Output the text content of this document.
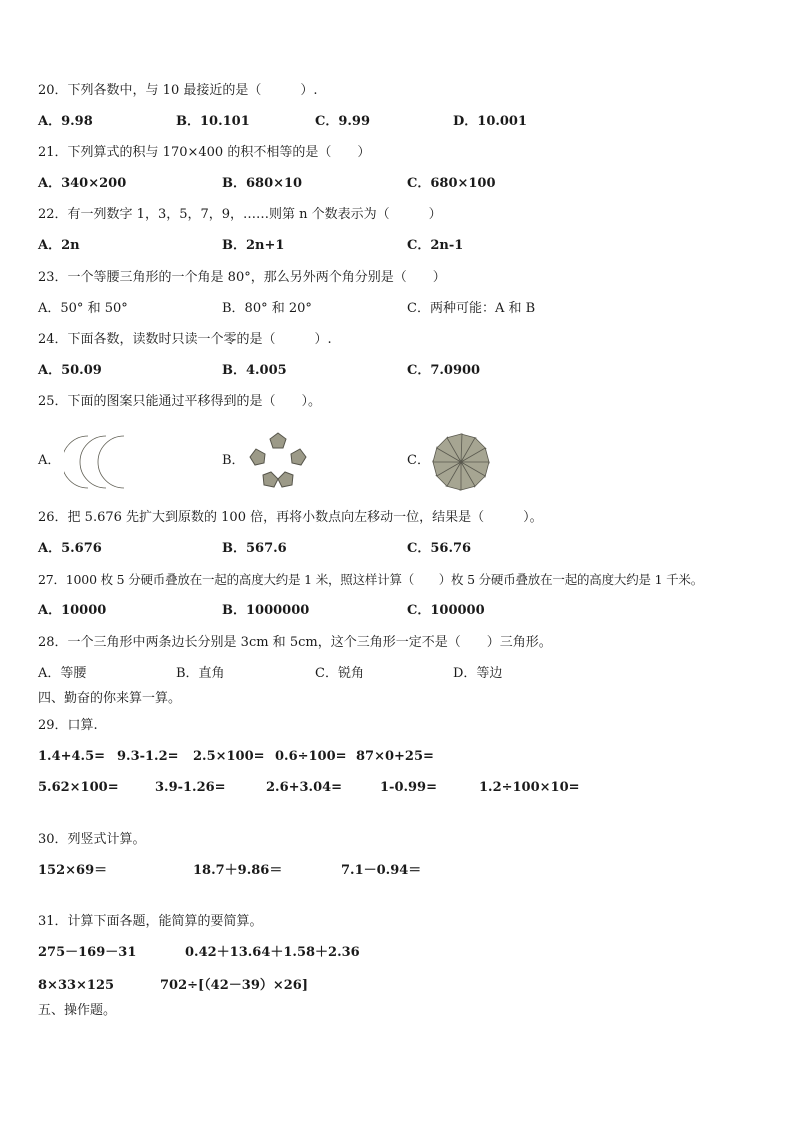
20．下列各数中，与 10 最接近的是（　　　）.
A．9.98	B．10.101	C．9.99	D．10.001
21．下列算式的积与 170×400 的积不相等的是（　　）
A．340×200	B．680×10	C．680×100
22．有一列数字 1，3，5，7，9，……则第 n 个数表示为（　　　）
A．2n	B．2n+1	C．2n-1
23．一个等腰三角形的一个角是 80°，那么另外两个角分别是（　　）
A．50° 和 50°	B．80° 和 20°	C．两种可能：A 和 B
24．下面各数，读数时只读一个零的是（　　　）.
A．50.09	B．4.005	C．7.0900
25．下面的图案只能通过平移得到的是（　　）。
A．	B．	C．
26．把 5.676 先扩大到原数的 100 倍，再将小数点向左移动一位，结果是（　　　）。
A．5.676	B．567.6	C．56.76
27．1000 枚 5 分硬币叠放在一起的高度大约是 1 米，照这样计算（　　）枚 5 分硬币叠放在一起的高度大约是 1 千米。
A．10000	B．1000000	C．100000
28．一个三角形中两条边长分别是 3cm 和 5cm，这个三角形一定不是（　　）三角形。
A．等腰	B．直角	C．锐角	D．等边
四、勤奋的你来算一算。
29．口算.
1.4+4.5= 9.3-1.2= 2.5×100= 0.6÷100= 87×0+25=
5.62×100=	3.9-1.26=	2.6+3.04=	1-0.99=	1.2÷100×10=
30．列竖式计算。
152×69＝	18.7＋9.86＝	7.1－0.94＝
31．计算下面各题，能简算的要简算。
275－169－31	0.42＋13.64＋1.58＋2.36
8×33×125	702÷[（42－39）×26]
五、操作题。
